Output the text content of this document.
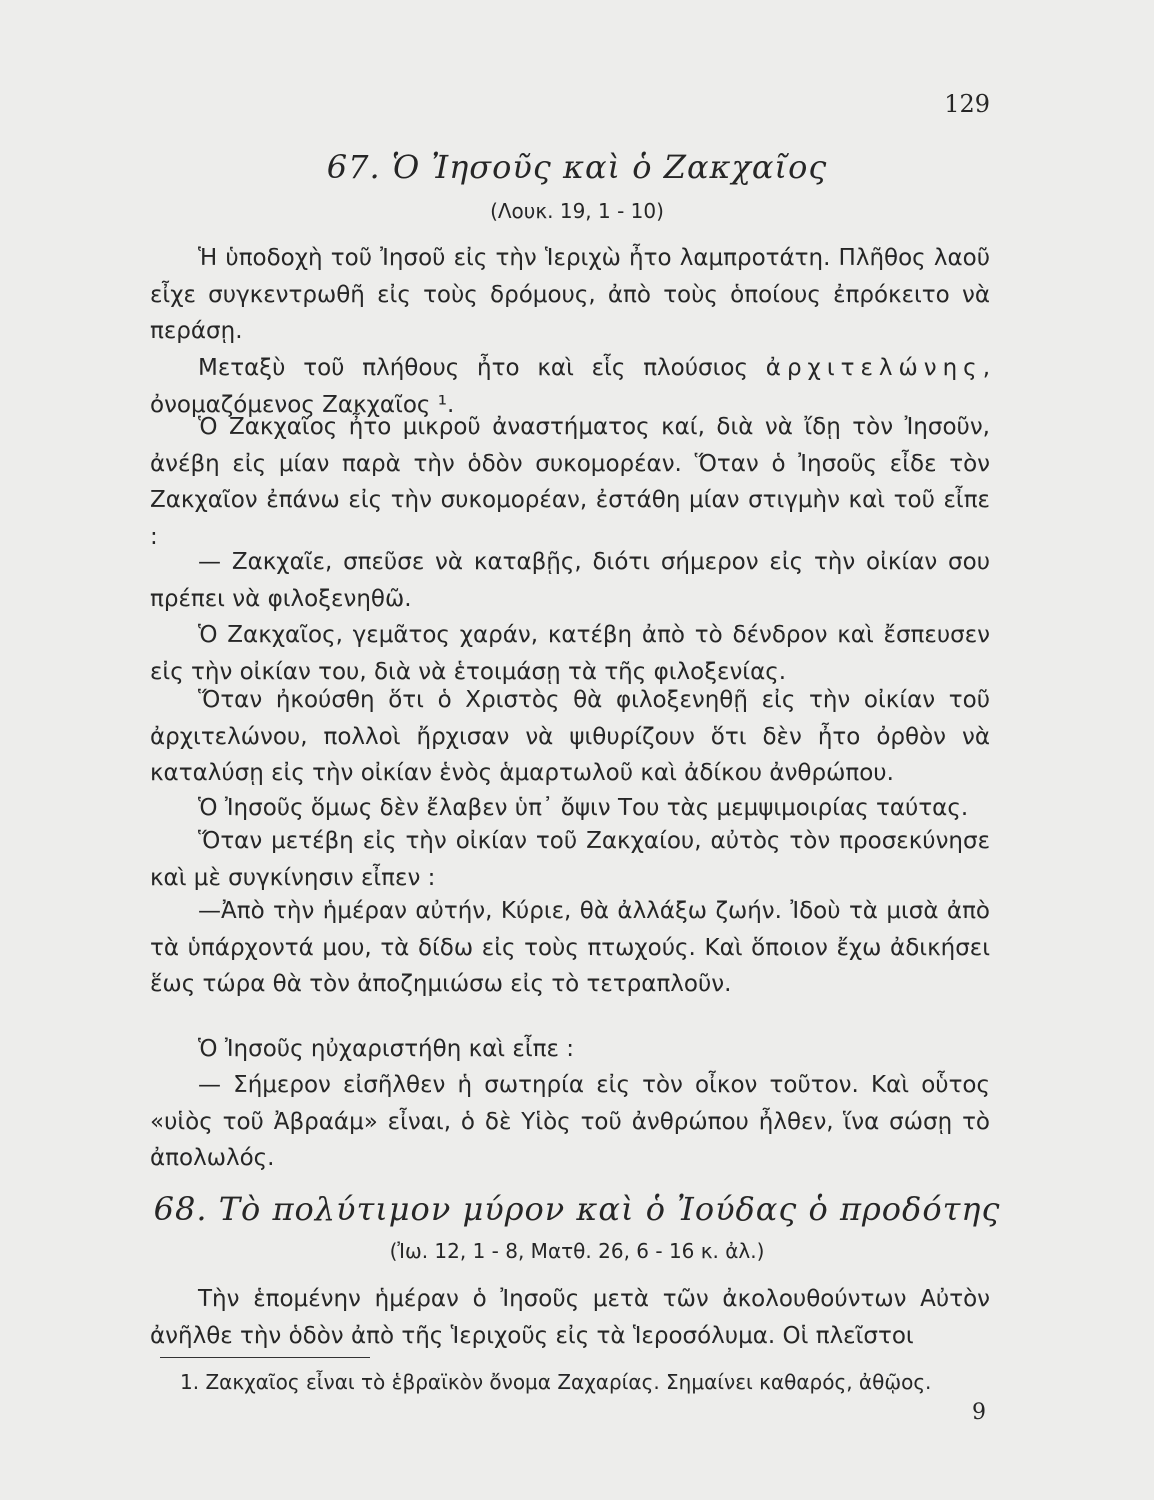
129
67. Ὁ Ἰησοῦς καὶ ὁ Ζακχαῖος
(Λουκ. 19, 1 - 10)

Ἡ ὑποδοχὴ τοῦ Ἰησοῦ εἰς τὴν Ἱεριχὼ ἦτο λαμπροτάτη. Πλῆθος λαοῦ εἶχε συγκεντρωθῆ εἰς τοὺς δρόμους, ἀπὸ τοὺς ὁποίους ἐπρόκειτο νὰ περάσῃ.

Μεταξὺ τοῦ πλήθους ἦτο καὶ εἷς πλούσιος ἀρχιτελώνης, ὀνομαζόμενος Ζακχαῖος ¹.

Ὁ Ζακχαῖος ἦτο μικροῦ ἀναστήματος καί, διὰ νὰ ἴδῃ τὸν Ἰησοῦν, ἀνέβη εἰς μίαν παρὰ τὴν ὁδὸν συκομορέαν. Ὅταν ὁ Ἰησοῦς εἶδε τὸν Ζακχαῖον ἐπάνω εἰς τὴν συκομορέαν, ἐστάθη μίαν στιγμὴν καὶ τοῦ εἶπε :

— Ζακχαῖε, σπεῦσε νὰ καταβῇς, διότι σήμερον εἰς τὴν οἰκίαν σου πρέπει νὰ φιλοξενηθῶ.

Ὁ Ζακχαῖος, γεμᾶτος χαράν, κατέβη ἀπὸ τὸ δένδρον καὶ ἔσπευσεν εἰς τὴν οἰκίαν του, διὰ νὰ ἑτοιμάσῃ τὰ τῆς φιλοξενίας.

Ὅταν ἠκούσθη ὅτι ὁ Χριστὸς θὰ φιλοξενηθῇ εἰς τὴν οἰκίαν τοῦ ἀρχιτελώνου, πολλοὶ ἤρχισαν νὰ ψιθυρίζουν ὅτι δὲν ἦτο ὀρθὸν νὰ καταλύσῃ εἰς τὴν οἰκίαν ἑνὸς ἁμαρτωλοῦ καὶ ἀδίκου ἀνθρώπου.

Ὁ Ἰησοῦς ὅμως δὲν ἔλαβεν ὑπ᾽ ὄψιν Του τὰς μεμψιμοιρίας ταύτας.

Ὅταν μετέβη εἰς τὴν οἰκίαν τοῦ Ζακχαίου, αὐτὸς τὸν προσεκύνησε καὶ μὲ συγκίνησιν εἶπεν :

—Ἀπὸ τὴν ἡμέραν αὐτήν, Κύριε, θὰ ἀλλάξω ζωήν. Ἰδοὺ τὰ μισὰ ἀπὸ τὰ ὑπάρχοντά μου, τὰ δίδω εἰς τοὺς πτωχούς. Καὶ ὅποιον ἔχω ἀδικήσει ἕως τώρα θὰ τὸν ἀποζημιώσω εἰς τὸ τετραπλοῦν.

Ὁ Ἰησοῦς ηὐχαριστήθη καὶ εἶπε :

— Σήμερον εἰσῆλθεν ἡ σωτηρία εἰς τὸν οἶκον τοῦτον. Καὶ οὗτος «υἱὸς τοῦ Ἀβραάμ» εἶναι, ὁ δὲ Υἱὸς τοῦ ἀνθρώπου ἦλθεν, ἵνα σώσῃ τὸ ἀπολωλός.

68. Τὸ πολύτιμον μύρον καὶ ὁ Ἰούδας ὁ προδότης
(Ἰω. 12, 1 - 8, Ματθ. 26, 6 - 16 κ. ἀλ.)

Τὴν ἑπομένην ἡμέραν ὁ Ἰησοῦς μετὰ τῶν ἀκολουθούντων Αὐτὸν ἀνῆλθε τὴν ὁδὸν ἀπὸ τῆς Ἱεριχοῦς εἰς τὰ Ἱεροσόλυμα. Οἱ πλεῖστοι

1. Ζακχαῖος εἶναι τὸ ἑβραϊκὸν ὄνομα Ζαχαρίας. Σημαίνει καθαρός, ἀθῷος.

9
